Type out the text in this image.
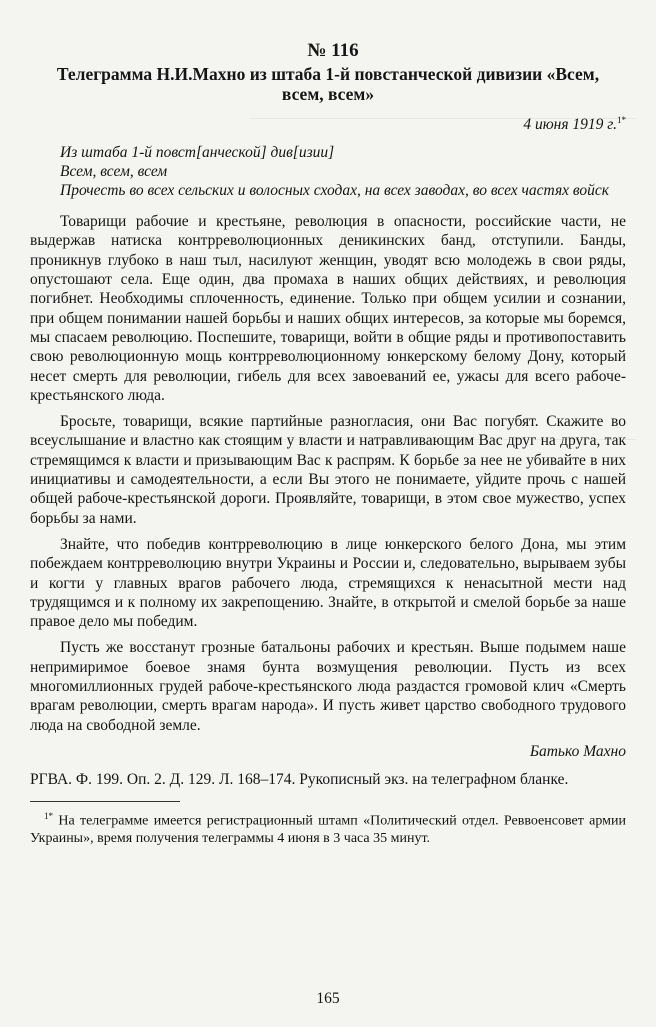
№ 116
Телеграмма Н.И.Махно из штаба 1-й повстанческой дивизии «Всем, всем, всем»
4 июня 1919 г.$^{1*}$

Из штаба 1-й повст[анческой] див[изии]

Всем, всем, всем

Прочесть во всех сельских и волосных сходах, на всех заводах, во всех частях войск

Товарищи рабочие и крестьяне, революция в опасности, российские части, не выдержав натиска контрреволюционных деникинских банд, отступили. Банды, проникнув глубоко в наш тыл, насилуют женщин, уводят всю молодежь в свои ряды, опустошают села. Еще один, два промаха в наших общих действиях, и революция погибнет. Необходимы сплоченность, единение. Только при общем усилии и сознании, при общем понимании нашей борьбы и наших общих интересов, за которые мы боремся, мы спасаем революцию. Поспешите, товарищи, войти в общие ряды и противопоставить свою революционную мощь контрреволюционному юнкерскому белому Дону, который несет смерть для революции, гибель для всех завоеваний ее, ужасы для всего рабоче-крестьянского люда.

Бросьте, товарищи, всякие партийные разногласия, они Вас погубят. Скажите во всеуслышание и властно как стоящим у власти и натравливающим Вас друг на друга, так стремящимся к власти и призывающим Вас к распрям. К борьбе за нее не убивайте в них инициативы и самодеятельности, а если Вы этого не понимаете, уйдите прочь с нашей общей рабоче-крестьянской дороги. Проявляйте, товарищи, в этом свое мужество, успех борьбы за нами.

Знайте, что победив контрреволюцию в лице юнкерского белого Дона, мы этим побеждаем контрреволюцию внутри Украины и России и, следовательно, вырываем зубы и когти у главных врагов рабочего люда, стремящихся к ненасытной мести над трудящимся и к полному их закрепощению. Знайте, в открытой и смелой борьбе за наше правое дело мы победим.

Пусть же восстанут грозные батальоны рабочих и крестьян. Выше подымем наше непримиримое боевое знамя бунта возмущения революции. Пусть из всех многомиллионных грудей рабоче-крестьянского люда раздастся громовой клич «Смерть врагам революции, смерть врагам народа». И пусть живет царство свободного трудового люда на свободной земле.

Батько Махно
РГВА. Ф. 199. Оп. 2. Д. 129. Л. 168–174. Рукописный экз. на телеграфном бланке.
$^{1*}$ На телеграмме имеется регистрационный штамп «Политический отдел. Реввоенсовет армии Украины», время получения телеграммы 4 июня в 3 часа 35 минут.
165
